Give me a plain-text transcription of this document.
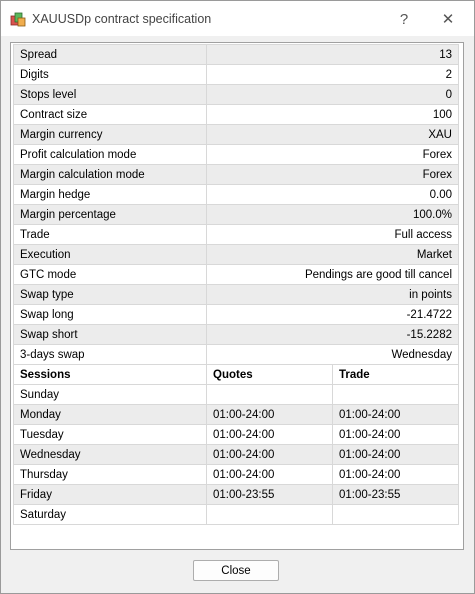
XAUUSDp contract specification	? ✕
Spread	13	
Digits	2	
Stops level	0	
Contract size	100	
Margin currency	XAU	
Profit calculation mode	Forex	
Margin calculation mode	Forex	
Margin hedge	0.00	
Margin percentage	100.0%	
Trade	Full access	
Execution	Market	
GTC mode	Pendings are good till cancel	
Swap type	in points	
Swap long	-21.4722	
Swap short	-15.2282	
3-days swap	Wednesday	
Sessions	Quotes	Trade
Sunday		
Monday	01:00-24:00	01:00-24:00
Tuesday	01:00-24:00	01:00-24:00
Wednesday	01:00-24:00	01:00-24:00
Thursday	01:00-24:00	01:00-24:00
Friday	01:00-23:55	01:00-23:55
Saturday		
Close
